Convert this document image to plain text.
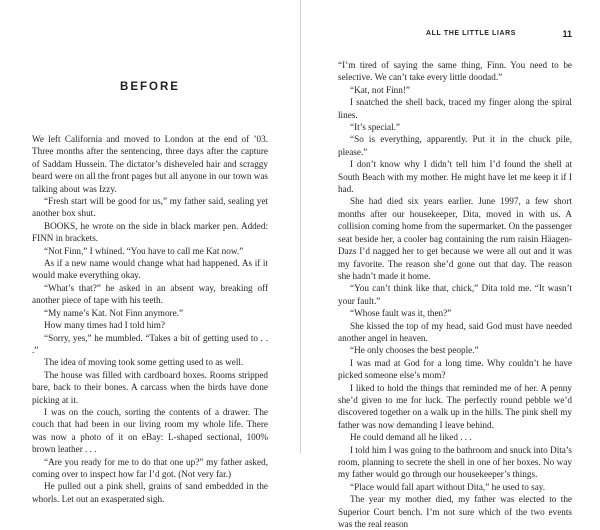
BEFORE

We left California and moved to London at the end of ’03. Three months after the sentencing, three days after the capture of Saddam Hussein. The dictator’s disheveled hair and scraggy beard were on all the front pages but all anyone in our town was talking about was Izzy.

“Fresh start will be good for us,” my father said, sealing yet another box shut.

BOOKS, he wrote on the side in black marker pen. Added: FINN in brackets.

“Not Finn,” I whined. “You have to call me Kat now.”

As if a new name would change what had happened. As if it would make everything okay.

“What’s that?” he asked in an absent way, breaking off another piece of tape with his teeth.

“My name’s Kat. Not Finn anymore.”

How many times had I told him?

“Sorry, yes,” he mumbled. “Takes a bit of getting used to . . .”

The idea of moving took some getting used to as well.

The house was filled with cardboard boxes. Rooms stripped bare, back to their bones. A carcass when the birds have done picking at it.

I was on the couch, sorting the contents of a drawer. The couch that had been in our living room my whole life. There was now a photo of it on eBay: L-shaped sectional, 100% brown leather . . .

“Are you ready for me to do that one up?” my father asked, coming over to inspect how far I’d got. (Not very far.)

He pulled out a pink shell, grains of sand embedded in the whorls. Let out an exasperated sigh.

ALL THE LITTLE LIARS	11

“I’m tired of saying the same thing, Finn. You need to be selective. We can’t take every little doodad.”

“Kat, not Finn!”

I snatched the shell back, traced my finger along the spiral lines.

“It’s special.”

“So is everything, apparently. Put it in the chuck pile, please.”

I don’t know why I didn’t tell him I’d found the shell at South Beach with my mother. He might have let me keep it if I had.

She had died six years earlier. June 1997, a few short months after our housekeeper, Dita, moved in with us. A collision coming home from the supermarket. On the passenger seat beside her, a cooler bag containing the rum raisin Häagen-Dazs I’d nagged her to get because we were all out and it was my favorite. The reason she’d gone out that day. The reason she hadn’t made it home.

“You can’t think like that, chick,” Dita told me. “It wasn’t your fault.”

“Whose fault was it, then?”

She kissed the top of my head, said God must have needed another angel in heaven.

“He only chooses the best people.”

I was mad at God for a long time. Why couldn’t he have picked someone else’s mom?

I liked to hold the things that reminded me of her. A penny she’d given to me for luck. The perfectly round pebble we’d discovered together on a walk up in the hills. The pink shell my father was now demanding I leave behind.

He could demand all he liked . . .

I told him I was going to the bathroom and snuck into Dita’s room, planning to secrete the shell in one of her boxes. No way my father would go through our housekeeper’s things.

“Place would fall apart without Dita,” he used to say.

The year my mother died, my father was elected to the Superior Court bench. I’m not sure which of the two events was the real reason
